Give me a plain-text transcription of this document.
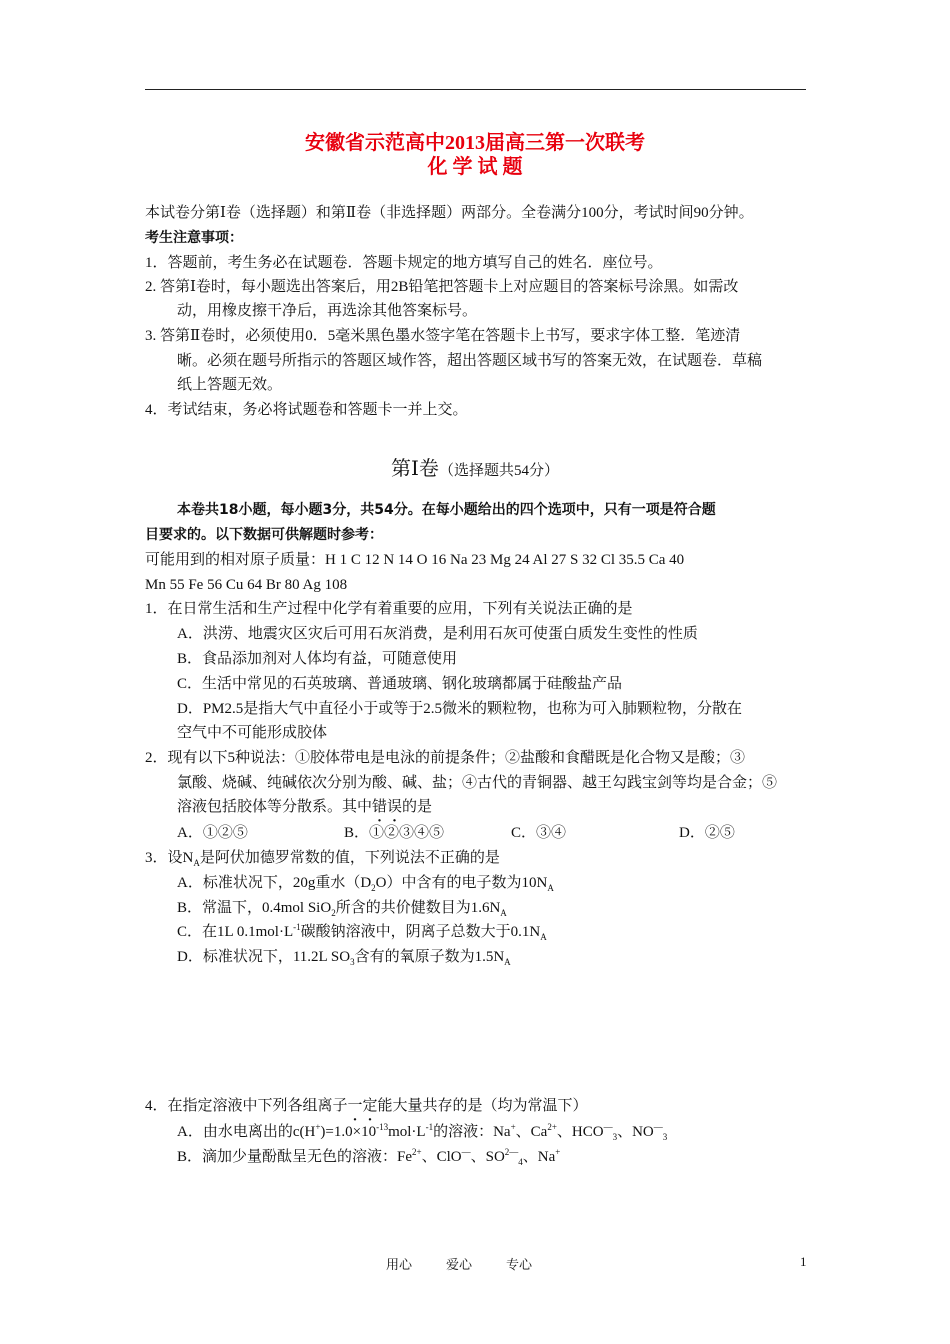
安徽省示范高中2013届高三第一次联考
化 学 试 题
本试卷分第Ⅰ卷（选择题）和第Ⅱ卷（非选择题）两部分。全卷满分100分，考试时间90分钟。
考生注意事项：
1．答题前，考生务必在试题卷．答题卡规定的地方填写自己的姓名．座位号。
2. 答第Ⅰ卷时，每小题选出答案后，用2B铅笔把答题卡上对应题目的答案标号涂黑。如需改
动，用橡皮擦干净后，再选涂其他答案标号。
3. 答第Ⅱ卷时，必须使用0．5毫米黑色墨水签字笔在答题卡上书写，要求字体工整．笔迹清
晰。必须在题号所指示的答题区域作答，超出答题区域书写的答案无效，在试题卷．草稿
纸上答题无效。
4．考试结束，务必将试题卷和答题卡一并上交。
第Ⅰ卷（选择题共54分）
本卷共18小题，每小题3分，共54分。在每小题给出的四个选项中，只有一项是符合题
目要求的。以下数据可供解题时参考：
可能用到的相对原子质量：H 1 C 12 N 14 O 16 Na 23 Mg 24 Al 27 S 32 Cl 35.5 Ca 40
Mn 55 Fe 56 Cu 64 Br 80 Ag 108
1．在日常生活和生产过程中化学有着重要的应用，下列有关说法正确的是
A．洪涝、地震灾区灾后可用石灰消费，是利用石灰可使蛋白质发生变性的性质
B．食品添加剂对人体均有益，可随意使用
C．生活中常见的石英玻璃、普通玻璃、钢化玻璃都属于硅酸盐产品
D．PM2.5是指大气中直径小于或等于2.5微米的颗粒物，也称为可入肺颗粒物，分散在
空气中不可能形成胶体
2．现有以下5种说法：①胶体带电是电泳的前提条件；②盐酸和食醋既是化合物又是酸；③
氯酸、烧碱、纯碱依次分别为酸、碱、盐；④古代的青铜器、越王勾践宝剑等均是合金；⑤
溶液包括胶体等分散系。其中错误的是
A．①②⑤	B．①②③④⑤	C．③④	D．②⑤
3．设$N_A$是阿伏加德罗常数的值，下列说法不正确的是
A．标准状况下，20g重水$(D_2O)$中含有的电子数为$10N_A$
B．常温下，0.4mol SiO$_2$所含的共价健数目为$1.6N_A$
C．在1L $0.1mol\cdot L^{-1}$碳酸钠溶液中，阴离子总数大于$0.1N_A$
D．标准状况下，11.2L $SO_3$含有的氧原子数为$1.5N_A$
4．在指定溶液中下列各组离子一定能大量共存的是（均为常温下）
A．由水电离出的$c(H^+)=1.0\times 10^{-13}mol\cdot L^{-1}$的溶液：Na+、$Ca^{2+}$、$HCO^—_3$、$NO^—_3$
B．滴加少量酚酞呈无色的溶液：$Fe^{2+}$、ClO—、$SO^{2—}_4$、Na+
用心	爱心	专心	1
